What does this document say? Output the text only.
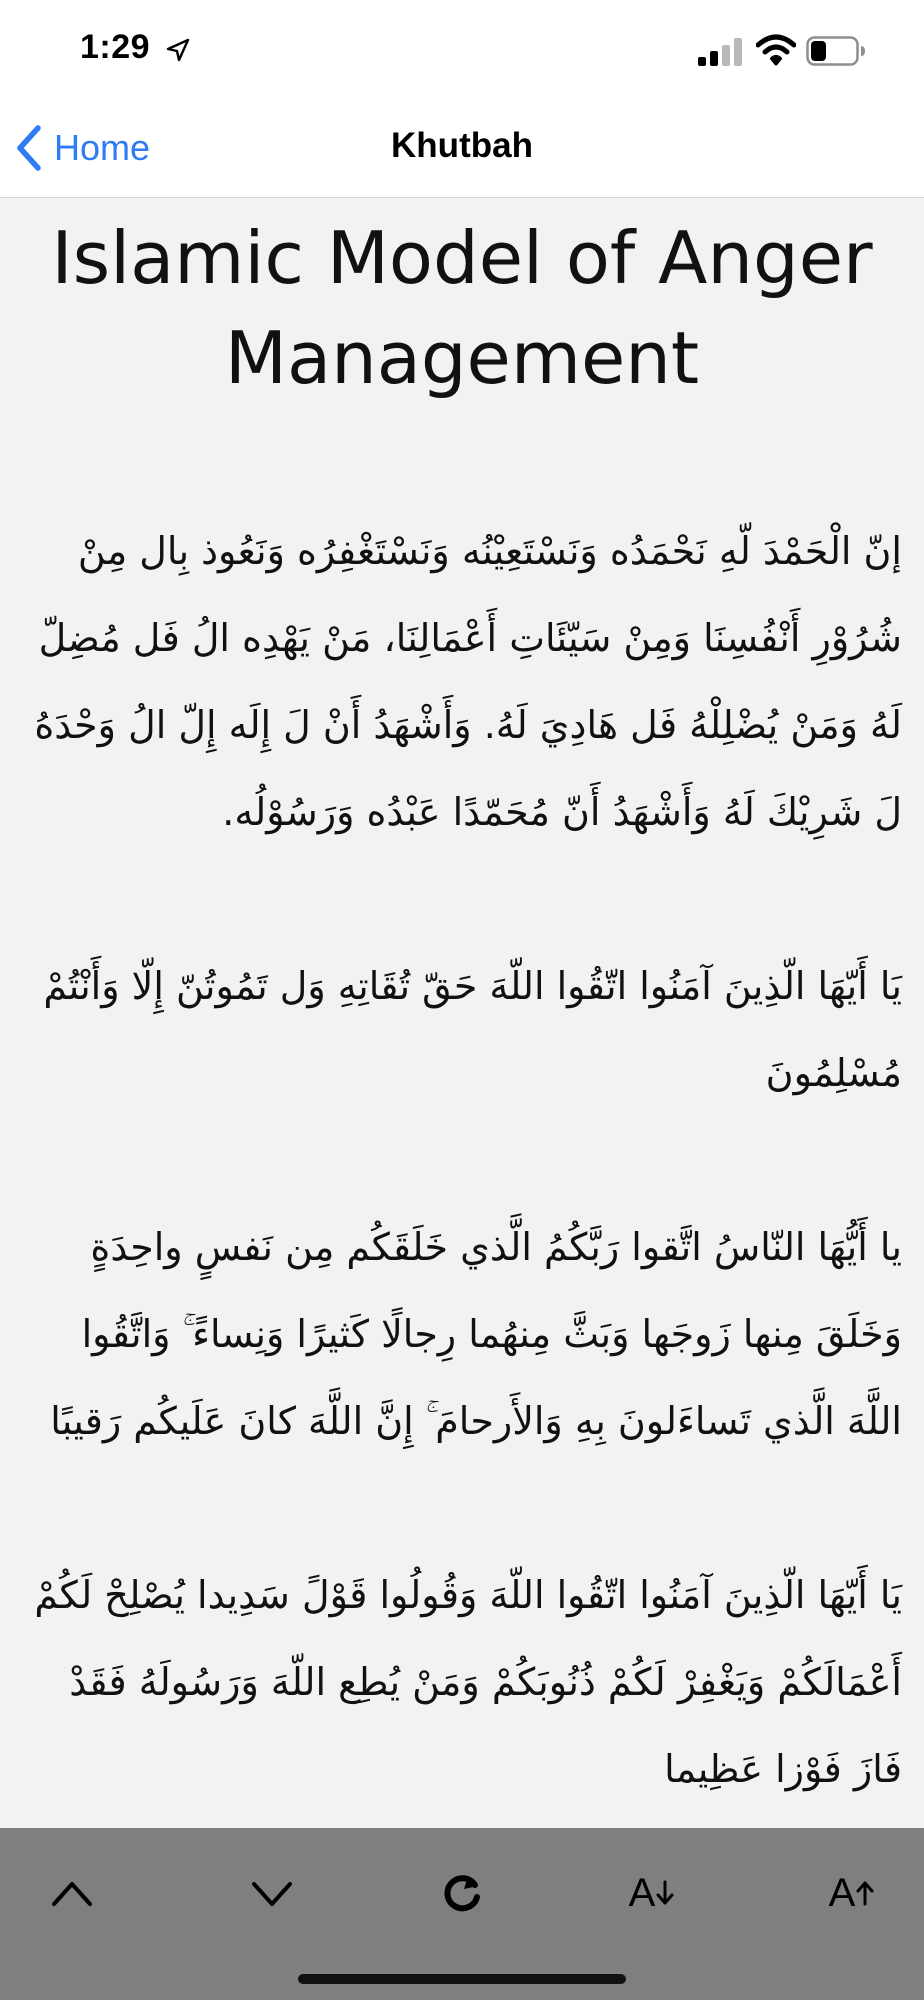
1:29
Home	Khutbah
Islamic Model of Anger Management

إنّ الْحَمْدَ لّهِ نَحْمَدُه وَنَسْتَعِيْنُه وَنَسْتَغْفِرُه وَنَعُوذ بِال مِنْ شُرُوْرِ أَنْفُسِنَا وَمِنْ سَيّئَاتِ أَعْمَالِنَا، مَنْ يَهْدِه الُ فَل مُضِلّ لَهُ وَمَنْ يُضْلِلْهُ فَل هَادِيَ لَهُ. وَأَشْهَدُ أَنْ لَ إِلَه إِلّ الُ وَحْدَهُ لَ شَرِيْكَ لَهُ وَأَشْهَدُ أَنّ مُحَمّدًا عَبْدُه وَرَسُوْلُه.

يَا أَيّهَا الّذِينَ آمَنُوا اتّقُوا اللّهَ حَقّ تُقَاتِهِ وَل تَمُوتُنّ إِلّا وَأَنْتُمْ مُسْلِمُونَ

يا أَيُّهَا النّاسُ اتَّقوا رَبَّكُمُ الَّذي خَلَقَكُم مِن نَفسٍ واحِدَةٍ وَخَلَقَ مِنها زَوجَها وَبَثَّ مِنهُما رِجالًا كَثيرًا وَنِساءً ۚ وَاتَّقُوا اللَّهَ الَّذي تَساءَلونَ بِهِ وَالأَرحامَ ۚ إِنَّ اللَّهَ كانَ عَلَيكُم رَقيبًا

يَا أَيّهَا الّذِينَ آمَنُوا اتّقُوا اللّهَ وَقُولُوا قَوْلً سَدِيدا يُصْلِحْ لَكُمْ أَعْمَالَكُمْ وَيَغْفِرْ لَكُمْ ذُنُوبَكُمْ وَمَنْ يُطِع اللّهَ وَرَسُولَهُ فَقَدْ فَازَ فَوْزا عَظِيما

A	A
